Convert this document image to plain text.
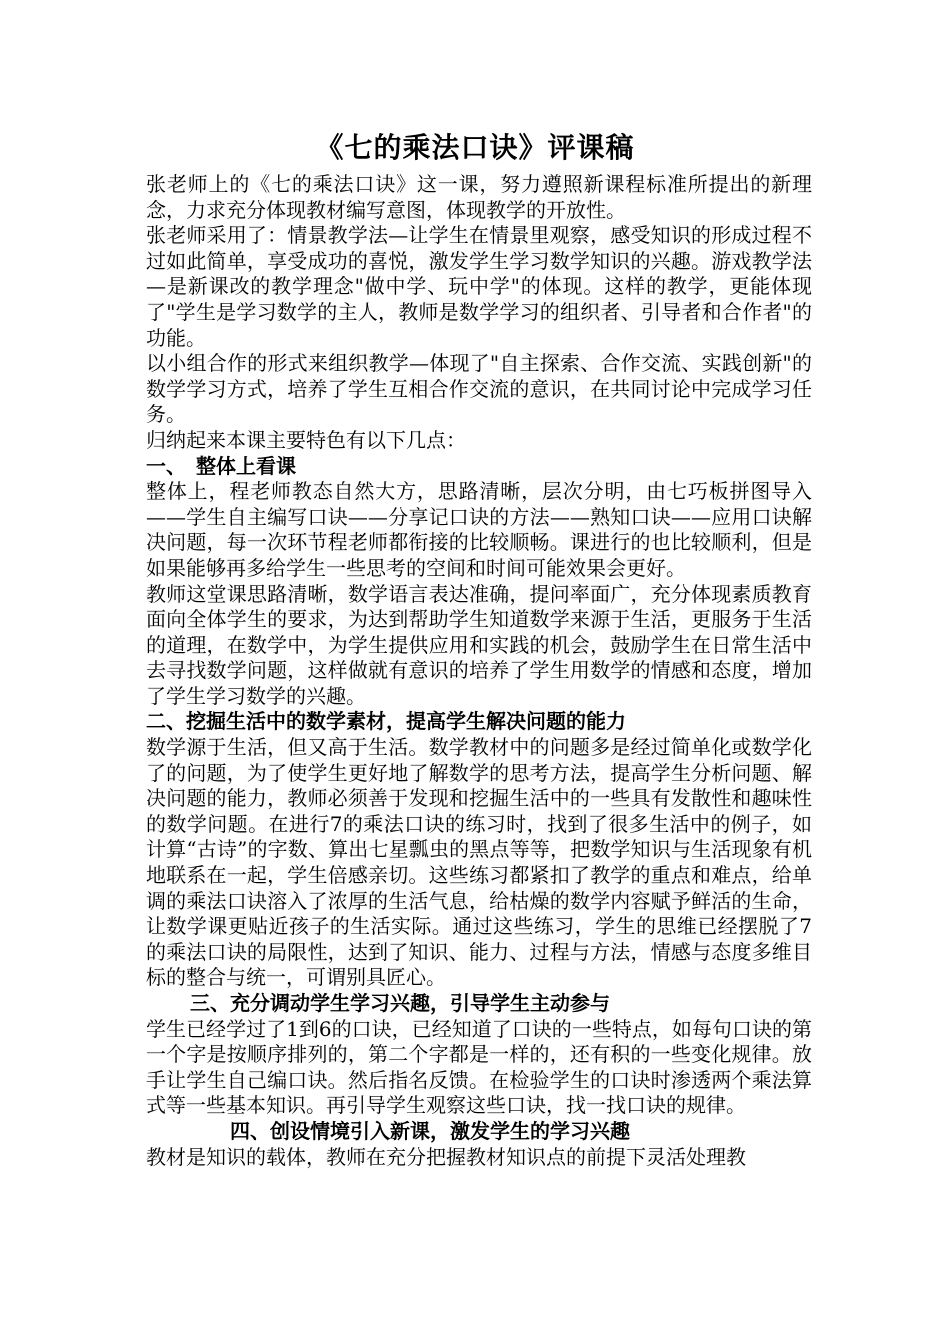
《七的乘法口诀》评课稿

张老师上的《七的乘法口诀》这一课，努力遵照新课程标准所提出的新理念，力求充分体现教材编写意图，体现教学的开放性。

张老师采用了：情景教学法—让学生在情景里观察，感受知识的形成过程不过如此简单，享受成功的喜悦，激发学生学习数学知识的兴趣。游戏教学法—是新课改的教学理念"做中学、玩中学"的体现。这样的教学，更能体现了"学生是学习数学的主人，教师是数学学习的组织者、引导者和合作者"的功能。

以小组合作的形式来组织教学—体现了"自主探索、合作交流、实践创新"的数学学习方式，培养了学生互相合作交流的意识，在共同讨论中完成学习任务。

归纳起来本课主要特色有以下几点：

一、　整体上看课

整体上，程老师教态自然大方，思路清晰，层次分明，由七巧板拼图导入——学生自主编写口诀——分享记口诀的方法——熟知口诀——应用口诀解决问题，每一次环节程老师都衔接的比较顺畅。课进行的也比较顺利，但是如果能够再多给学生一些思考的空间和时间可能效果会更好。

教师这堂课思路清晰，数学语言表达准确，提问率面广，充分体现素质教育面向全体学生的要求，为达到帮助学生知道数学来源于生活，更服务于生活的道理，在数学中，为学生提供应用和实践的机会，鼓励学生在日常生活中去寻找数学问题，这样做就有意识的培养了学生用数学的情感和态度，增加了学生学习数学的兴趣。

二、挖掘生活中的数学素材，提高学生解决问题的能力

数学源于生活，但又高于生活。数学教材中的问题多是经过简单化或数学化了的问题，为了使学生更好地了解数学的思考方法，提高学生分析问题、解决问题的能力，教师必须善于发现和挖掘生活中的一些具有发散性和趣味性的数学问题。在进行7的乘法口诀的练习时，找到了很多生活中的例子，如计算“古诗”的字数、算出七星瓢虫的黑点等等，把数学知识与生活现象有机地联系在一起，学生倍感亲切。这些练习都紧扣了教学的重点和难点，给单调的乘法口诀溶入了浓厚的生活气息，给枯燥的数学内容赋予鲜活的生命，让数学课更贴近孩子的生活实际。通过这些练习，学生的思维已经摆脱了7的乘法口诀的局限性，达到了知识、能力、过程与方法，情感与态度多维目标的整合与统一，可谓别具匠心。

三、充分调动学生学习兴趣，引导学生主动参与

学生已经学过了1到6的口诀，已经知道了口诀的一些特点，如每句口诀的第一个字是按顺序排列的，第二个字都是一样的，还有积的一些变化规律。放手让学生自己编口诀。然后指名反馈。在检验学生的口诀时渗透两个乘法算式等一些基本知识。再引导学生观察这些口诀，找一找口诀的规律。

四、创设情境引入新课，激发学生的学习兴趣

教材是知识的载体，教师在充分把握教材知识点的前提下灵活处理教
